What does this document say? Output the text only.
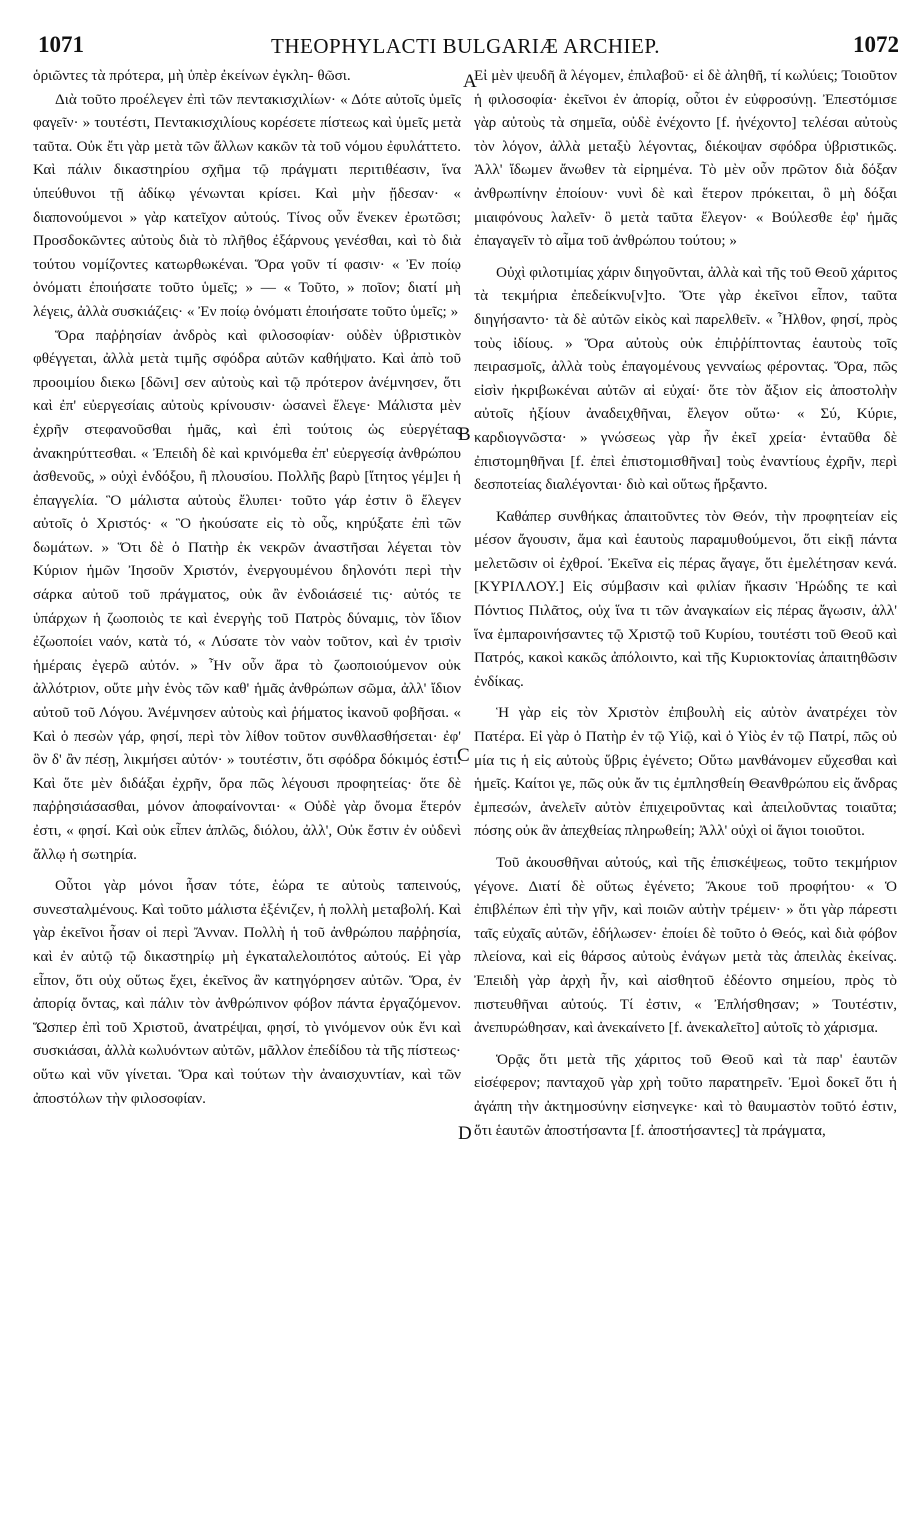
1071	THEOPHYLACTI BULGARIÆ ARCHIEP.	1072

ὁριῶντες τὰ πρότερα, μὴ ὑπὲρ ἐκείνων ἐγκλη- θῶσι.

Διὰ τοῦτο προέλεγεν ἐπὶ τῶν πεντακισχιλίων· « Δότε αὐτοῖς ὑμεῖς φαγεῖν· » τουτέστι, Πεντακισχιλίους κορέσετε πίστεως καὶ ὑμεῖς μετὰ ταῦτα. Οὐκ ἔτι γὰρ μετὰ τῶν ἄλλων κακῶν τὰ τοῦ νόμου ἐφυλάττετο. Καὶ πάλιν δικαστηρίου σχῆμα τῷ πράγματι περιτιθέασιν, ἵνα ὑπεύθυνοι τῇ ἀδίκῳ γένωνται κρίσει. Καὶ μὴν ᾔδεσαν· « διαπονούμενοι » γὰρ κατεῖχον αὐτούς. Τίνος οὖν ἕνεκεν ἐρωτῶσι; Προσδοκῶντες αὐτοὺς διὰ τὸ πλῆθος ἐξάρνους γενέσθαι, καὶ τὸ διὰ τούτου νομίζοντες κατωρθωκέναι. Ὅρα γοῦν τί φασιν· « Ἐν ποίῳ ὀνόματι ἐποιήσατε τοῦτο ὑμεῖς; » — « Τοῦτο, » ποῖον; διατί μὴ λέγεις, ἀλλὰ συσκιάζεις· « Ἐν ποίῳ ὀνόματι ἐποιήσατε τοῦτο ὑμεῖς; »

Ὅρα παῤῥησίαν ἀνδρὸς καὶ φιλοσοφίαν· οὐδὲν ὑβριστικὸν φθέγγεται, ἀλλὰ μετὰ τιμῆς σφόδρα αὐτῶν καθήψατο. Καὶ ἀπὸ τοῦ προοιμίου διεκω [δῶνι] σεν αὐτοὺς καὶ τῷ πρότερον ἀνέμνησεν, ὅτι καὶ ἐπ' εὐεργεσίαις αὐτοὺς κρίνουσιν· ὡσανεὶ ἔλεγε· Μάλιστα μὲν ἐχρῆν στεφανοῦσθαι ἡμᾶς, καὶ ἐπὶ τούτοις ὡς εὐεργέτας ἀνακηρύττεσθαι. « Ἐπειδὴ δὲ καὶ κρινόμεθα ἐπ' εὐεργεσίᾳ ἀνθρώπου ἀσθενοῦς, » οὐχὶ ἐνδόξου, ἢ πλουσίου. Πολλῆς βαρὺ [ἴτητος γέμ]ει ἡ ἐπαγγελία. Ὃ μάλιστα αὐτοὺς ἔλυπει· τοῦτο γάρ ἐστιν ὃ ἔλεγεν αὐτοῖς ὁ Χριστός· « Ὃ ἠκούσατε εἰς τὸ οὖς, κηρύξατε ἐπὶ τῶν δωμάτων. » Ὅτι δὲ ὁ Πατὴρ ἐκ νεκρῶν ἀναστῆσαι λέγεται τὸν Κύριον ἡμῶν Ἰησοῦν Χριστόν, ἐνεργουμένου δηλονότι περὶ τὴν σάρκα αὐτοῦ τοῦ πράγματος, οὐκ ἂν ἐνδοιάσειέ τις· αὐτός τε ὑπάρχων ἡ ζωοποιὸς τε καὶ ἐνεργὴς τοῦ Πατρὸς δύναμις, τὸν ἴδιον ἐζωοποίει ναόν, κατὰ τό, « Λύσατε τὸν ναὸν τοῦτον, καὶ ἐν τρισὶν ἡμέραις ἐγερῶ αὐτόν. » Ἦν οὖν ἄρα τὸ ζωοποιούμενον οὐκ ἀλλότριον, οὔτε μὴν ἑνὸς τῶν καθ' ἡμᾶς ἀνθρώπων σῶμα, ἀλλ' ἴδιον αὐτοῦ τοῦ Λόγου. Ἀνέμνησεν αὐτοὺς καὶ ῥήματος ἱκανοῦ φοβῆσαι. « Καὶ ὁ πεσὼν γάρ, φησί, περὶ τὸν λίθον τοῦτον συνθλασθήσεται· ἐφ' ὃν δ' ἂν πέσῃ, λικμήσει αὐτόν· » τουτέστιν, ὅτι σφόδρα δόκιμός ἐστι. Καὶ ὅτε μὲν διδάξαι ἐχρῆν, ὅρα πῶς λέγουσι προφητείας· ὅτε δὲ παῤῥησιάσασθαι, μόνον ἀποφαίνονται· « Οὐδὲ γὰρ ὄνομα ἕτερόν ἐστι, « φησί. Καὶ οὐκ εἶπεν ἁπλῶς, διόλου, ἀλλ', Οὐκ ἔστιν ἐν οὐδενὶ ἄλλῳ ἡ σωτηρία.

Οὗτοι γὰρ μόνοι ἦσαν τότε, ἑώρα τε αὐτοὺς ταπεινούς, συνεσταλμένους. Καὶ τοῦτο μάλιστα ἐξένιζεν, ἡ πολλὴ μεταβολή. Καὶ γὰρ ἐκεῖνοι ἦσαν οἱ περὶ Ἄνναν. Πολλὴ ἡ τοῦ ἀνθρώπου παῤῥησία, καὶ ἐν αὐτῷ τῷ δικαστηρίῳ μὴ ἐγκαταλελοιπότος αὐτούς. Εἰ γὰρ εἶπον, ὅτι οὐχ οὕτως ἔχει, ἐκεῖνος ἂν κατηγόρησεν αὐτῶν. Ὅρα, ἐν ἀπορίᾳ ὄντας, καὶ πάλιν τὸν ἀνθρώπινον φόβον πάντα ἐργαζόμενον. Ὥσπερ ἐπὶ τοῦ Χριστοῦ, ἀνατρέψαι, φησί, τὸ γινόμενον οὐκ ἔνι καὶ συσκιάσαι, ἀλλὰ κωλυόντων αὐτῶν, μᾶλλον ἐπεδίδου τὰ τῆς πίστεως· οὕτω καὶ νῦν γίνεται. Ὅρα καὶ τούτων τὴν ἀναισχυντίαν, καὶ τῶν ἀποστόλων τὴν φιλοσοφίαν.

Εἰ μὲν ψευδῆ ἃ λέγομεν, ἐπιλαβοῦ· εἰ δὲ ἀληθῆ, τί κωλύεις; Τοιοῦτον ἡ φιλοσοφία· ἐκεῖνοι ἐν ἀπορίᾳ, οὗτοι ἐν εὐφροσύνῃ. Ἐπεστόμισε γὰρ αὐτοὺς τὰ σημεῖα, οὐδὲ ἐνέχοντο [f. ἠνέχοντο] τελέσαι αὐτοὺς τὸν λόγον, ἀλλὰ μεταξὺ λέγοντας, διέκοψαν σφόδρα ὑβριστικῶς. Ἀλλ' ἴδωμεν ἄνωθεν τὰ εἰρημένα. Τὸ μὲν οὖν πρῶτον διὰ δόξαν ἀνθρωπίνην ἐποίουν· νυνὶ δὲ καὶ ἕτερον πρόκειται, ὃ μὴ δόξαι μιαιφόνους λαλεῖν· ὃ μετὰ ταῦτα ἔλεγον· « Βούλεσθε ἐφ' ἡμᾶς ἐπαγαγεῖν τὸ αἷμα τοῦ ἀνθρώπου τούτου; »

Οὐχὶ φιλοτιμίας χάριν διηγοῦνται, ἀλλὰ καὶ τῆς τοῦ Θεοῦ χάριτος τὰ τεκμήρια ἐπεδείκνυ[ν]το. Ὅτε γὰρ ἐκεῖνοι εἶπον, ταῦτα διηγήσαντο· τὰ δὲ αὐτῶν εἰκὸς καὶ παρελθεῖν. « Ἦλθον, φησί, πρὸς τοὺς ἰδίους. » Ὅρα αὐτοὺς οὐκ ἐπιῤῥίπτοντας ἑαυτοὺς τοῖς πειρασμοῖς, ἀλλὰ τοὺς ἐπαγομένους γενναίως φέροντας. Ὅρα, πῶς εἰσὶν ἠκριβωκέναι αὐτῶν αἱ εὐχαί· ὅτε τὸν ἄξιον εἰς ἀποστολὴν αὐτοῖς ἠξίουν ἀναδειχθῆναι, ἔλεγον οὕτω· « Σύ, Κύριε, καρδιογνῶστα· » γνώσεως γὰρ ἦν ἐκεῖ χρεία· ἐνταῦθα δὲ ἐπιστομηθῆναι [f. ἐπεὶ ἐπιστομισθῆναι] τοὺς ἐναντίους ἐχρῆν, περὶ δεσποτείας διαλέγονται· διὸ καὶ οὕτως ἤρξαντο.

Καθάπερ συνθήκας ἀπαιτοῦντες τὸν Θεόν, τὴν προφητείαν εἰς μέσον ἄγουσιν, ἅμα καὶ ἑαυτοὺς παραμυθούμενοι, ὅτι εἰκῇ πάντα μελετῶσιν οἱ ἐχθροί. Ἐκεῖνα εἰς πέρας ἄγαγε, ὅτι ἐμελέτησαν κενά. [ΚΥΡΙΛΛΟΥ.] Εἰς σύμβασιν καὶ φιλίαν ἥκασιν Ἡρώδης τε καὶ Πόντιος Πιλᾶτος, οὐχ ἵνα τι τῶν ἀναγκαίων εἰς πέρας ἄγωσιν, ἀλλ' ἵνα ἐμπαροινήσαντες τῷ Χριστῷ τοῦ Κυρίου, τουτέστι τοῦ Θεοῦ καὶ Πατρός, κακοὶ κακῶς ἀπόλοιντο, καὶ τῆς Κυριοκτονίας ἀπαιτηθῶσιν ἐνδίκας.

Ἡ γὰρ εἰς τὸν Χριστὸν ἐπιβουλὴ εἰς αὐτὸν ἀνατρέχει τὸν Πατέρα. Εἰ γὰρ ὁ Πατὴρ ἐν τῷ Υἱῷ, καὶ ὁ Υἱὸς ἐν τῷ Πατρί, πῶς οὐ μία τις ἡ εἰς αὐτοὺς ὕβρις ἐγένετο; Οὕτω μανθάνομεν εὔχεσθαι καὶ ἡμεῖς. Καίτοι γε, πῶς οὐκ ἄν τις ἐμπλησθείη Θεανθρώπου εἰς ἄνδρας ἐμπεσών, ἀνελεῖν αὐτὸν ἐπιχειροῦντας καὶ ἀπειλοῦντας τοιαῦτα; πόσης οὐκ ἂν ἀπεχθείας πληρωθείη; Ἀλλ' οὐχὶ οἱ ἅγιοι τοιοῦτοι.

Τοῦ ἀκουσθῆναι αὐτούς, καὶ τῆς ἐπισκέψεως, τοῦτο τεκμήριον γέγονε. Διατί δὲ οὕτως ἐγένετο; Ἄκουε τοῦ προφήτου· « Ὁ ἐπιβλέπων ἐπὶ τὴν γῆν, καὶ ποιῶν αὐτὴν τρέμειν· » ὅτι γὰρ πάρεστι ταῖς εὐχαῖς αὐτῶν, ἐδήλωσεν· ἐποίει δὲ τοῦτο ὁ Θεός, καὶ διὰ φόβον πλείονα, καὶ εἰς θάρσος αὐτοὺς ἐνάγων μετὰ τὰς ἀπειλὰς ἐκείνας. Ἐπειδὴ γὰρ ἀρχὴ ἦν, καὶ αἰσθητοῦ ἐδέοντο σημείου, πρὸς τὸ πιστευθῆναι αὐτούς. Τί ἐστιν, « Ἐπλήσθησαν; » Τουτέστιν, ἀνεπυρώθησαν, καὶ ἀνεκαίνετο [f. ἀνεκαλεῖτο] αὐτοῖς τὸ χάρισμα.

Ὁρᾷς ὅτι μετὰ τῆς χάριτος τοῦ Θεοῦ καὶ τὰ παρ' ἑαυτῶν εἰσέφερον; πανταχοῦ γὰρ χρὴ τοῦτο παρατηρεῖν. Ἐμοὶ δοκεῖ ὅτι ἡ ἀγάπη τὴν ἀκτημοσύνην εἰσηνεγκε· καὶ τὸ θαυμαστὸν τοῦτό ἐστιν, ὅτι ἑαυτῶν ἀποστήσαντα [f. ἀποστήσαντες] τὰ πράγματα,

A
B
C
D
